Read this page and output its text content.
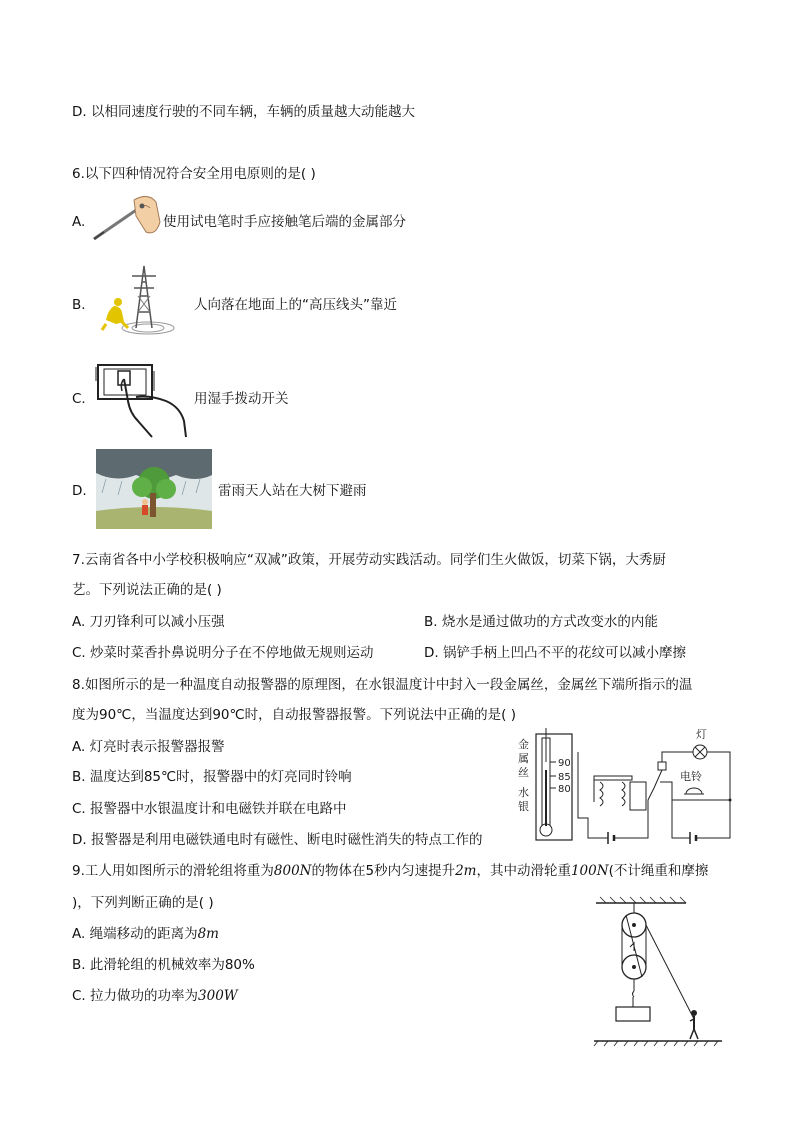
D. 以相同速度行驶的不同车辆，车辆的质量越大动能越大
6.以下四种情况符合安全用电原则的是( )
A.	使用试电笔时手应接触笔后端的金属部分
B.	人向落在地面上的“高压线头”靠近
C.	用湿手拨动开关
D.	雷雨天人站在大树下避雨
7.云南省各中小学校积极响应“双减”政策，开展劳动实践活动。同学们生火做饭，切菜下锅，大秀厨
艺。下列说法正确的是( )
A. 刀刃锋利可以减小压强	B. 烧水是通过做功的方式改变水的内能
C. 炒菜时菜香扑鼻说明分子在不停地做无规则运动	D. 锅铲手柄上凹凸不平的花纹可以减小摩擦
8.如图所示的是一种温度自动报警器的原理图，在水银温度计中封入一段金属丝，金属丝下端所指示的温
度为90℃，当温度达到90℃时，自动报警器报警。下列说法中正确的是( )
A. 灯亮时表示报警器报警
B. 温度达到85℃时，报警器中的灯亮同时铃响
C. 报警器中水银温度计和电磁铁并联在电路中
D. 报警器是利用电磁铁通电时有磁性、断电时磁性消失的特点工作的
金
属
丝
水
银
90
85
80
灯
电铃
9.工人用如图所示的滑轮组将重为800N的物体在5秒内匀速提升2m，其中动滑轮重100N(不计绳重和摩擦
)，下列判断正确的是( )
A. 绳端移动的距离为8m
B. 此滑轮组的机械效率为80%
C. 拉力做功的功率为300W
